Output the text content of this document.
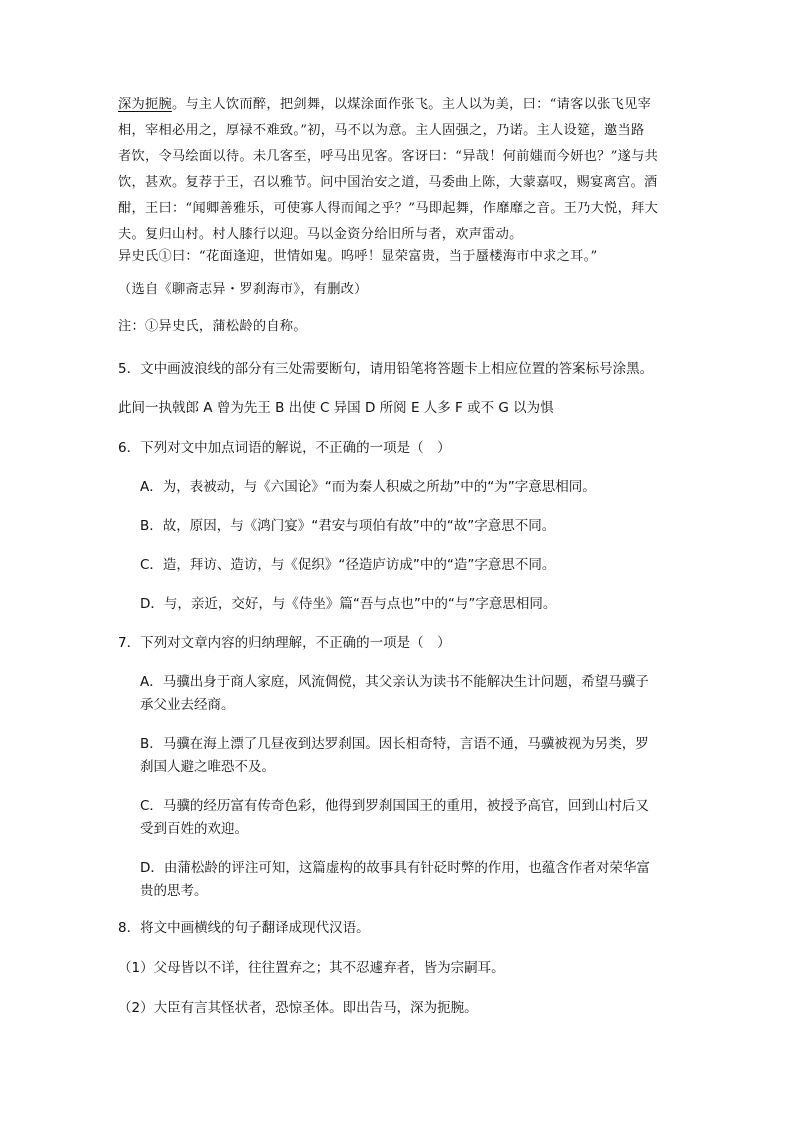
深为扼腕。与主人饮而醉，把剑舞，以煤涂面作张飞。主人以为美，曰：“请客以张飞见宰
相，宰相必用之，厚禄不难致。”初，马不以为意。主人固强之，乃诺。主人设筵，邀当路
者饮，令马绘面以待。未几客至，呼马出见客。客讶曰：“异哉！何前媸而今妍也？”遂与共
饮，甚欢。复荐于王，召以雅节。问中国治安之道，马委曲上陈，大蒙嘉叹，赐宴离宫。酒
酣，王曰：“闻卿善雅乐，可使寡人得而闻之乎？”马即起舞，作靡靡之音。王乃大悦，拜大
夫。复归山村。村人膝行以迎。马以金资分给旧所与者，欢声雷动。
异史氏①曰：“花面逢迎，世情如鬼。呜呼！显荣富贵，当于蜃楼海市中求之耳。”
（选自《聊斋志异・罗刹海市》，有删改）
注：①异史氏，蒲松龄的自称。
5．文中画波浪线的部分有三处需要断句，请用铅笔将答题卡上相应位置的答案标号涂黑。
此间一执戟郎 A 曾为先王 B 出使 C 异国 D 所阅 E 人多 F 或不 G 以为惧
6．下列对文中加点词语的解说，不正确的一项是（　）
A．为，表被动，与《六国论》“而为秦人积威之所劫”中的“为”字意思相同。
B．故，原因，与《鸿门宴》“君安与项伯有故”中的“故”字意思不同。
C．造，拜访、造访，与《促织》“径造庐访成”中的“造”字意思不同。
D．与，亲近，交好，与《侍坐》篇“吾与点也”中的“与”字意思相同。
7．下列对文章内容的归纳理解，不正确的一项是（　）
A．马骥出身于商人家庭，风流倜傥，其父亲认为读书不能解决生计问题，希望马骥子
承父业去经商。
B．马骥在海上漂了几昼夜到达罗刹国。因长相奇特，言语不通，马骥被视为另类，罗
刹国人避之唯恐不及。
C．马骥的经历富有传奇色彩，他得到罗刹国国王的重用，被授予高官，回到山村后又
受到百姓的欢迎。
D．由蒲松龄的评注可知，这篇虚构的故事具有针砭时弊的作用，也蕴含作者对荣华富
贵的思考。
8．将文中画横线的句子翻译成现代汉语。
（1）父母皆以不详，往往置弃之；其不忍遽弃者，皆为宗嗣耳。
（2）大臣有言其怪状者，恐惊圣体。即出告马，深为扼腕。
